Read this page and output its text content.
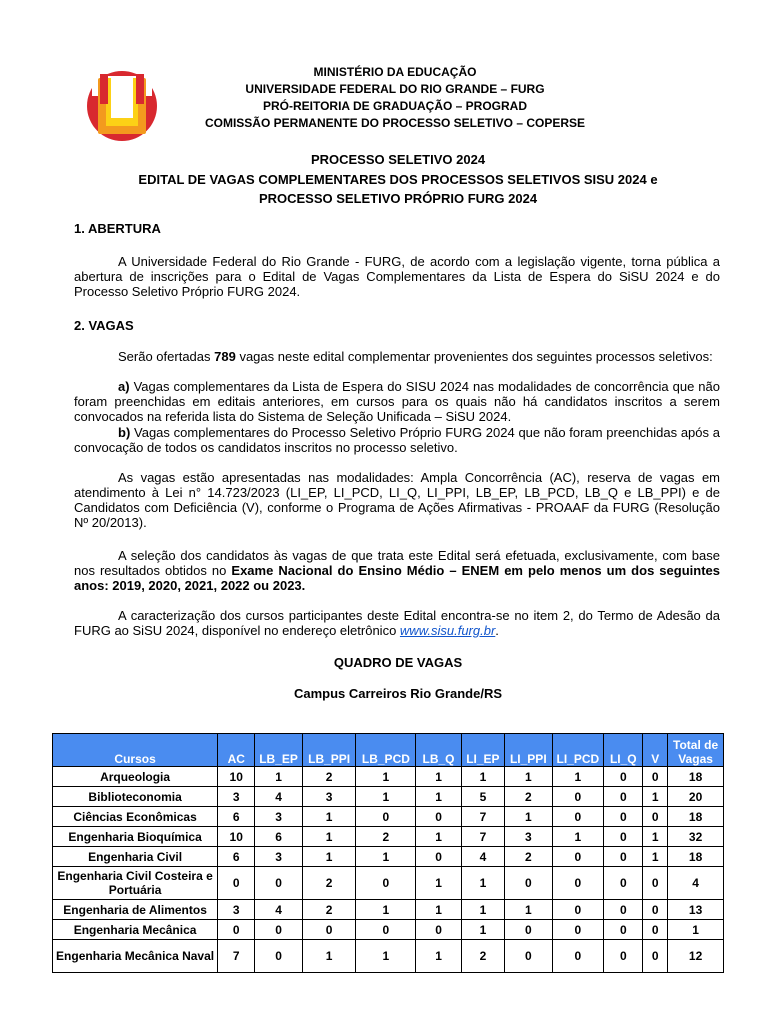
MINISTÉRIO DA EDUCAÇÃO
UNIVERSIDADE FEDERAL DO RIO GRANDE – FURG
PRÓ-REITORIA DE GRADUAÇÃO – PROGRAD
COMISSÃO PERMANENTE DO PROCESSO SELETIVO – COPERSE
PROCESSO SELETIVO 2024
EDITAL DE VAGAS COMPLEMENTARES DOS PROCESSOS SELETIVOS SISU 2024 e
PROCESSO SELETIVO PRÓPRIO FURG 2024
1. ABERTURA

A Universidade Federal do Rio Grande - FURG, de acordo com a legislação vigente, torna pública a abertura de inscrições para o Edital de Vagas Complementares da Lista de Espera do SiSU 2024 e do Processo Seletivo Próprio FURG 2024.

2. VAGAS

Serão ofertadas 789 vagas neste edital complementar provenientes dos seguintes processos seletivos:

a) Vagas complementares da Lista de Espera do SISU 2024 nas modalidades de concorrência que não foram preenchidas em editais anteriores, em cursos para os quais não há candidatos inscritos a serem convocados na referida lista do Sistema de Seleção Unificada – SiSU 2024.

b) Vagas complementares do Processo Seletivo Próprio FURG 2024 que não foram preenchidas após a convocação de todos os candidatos inscritos no processo seletivo.

As vagas estão apresentadas nas modalidades: Ampla Concorrência (AC), reserva de vagas em atendimento à Lei n° 14.723/2023 (LI_EP, LI_PCD, LI_Q, LI_PPI, LB_EP, LB_PCD, LB_Q e LB_PPI) e de Candidatos com Deficiência (V), conforme o Programa de Ações Afirmativas - PROAAF da FURG (Resolução Nº 20/2013).

A seleção dos candidatos às vagas de que trata este Edital será efetuada, exclusivamente, com base nos resultados obtidos no Exame Nacional do Ensino Médio – ENEM em pelo menos um dos seguintes anos: 2019, 2020, 2021, 2022 ou 2023.

A caracterização dos cursos participantes deste Edital encontra-se no item 2, do Termo de Adesão da FURG ao SiSU 2024, disponível no endereço eletrônico www.sisu.furg.br.

QUADRO DE VAGAS
Campus Carreiros Rio Grande/RS
Cursos	AC	LB_EP	LB_PPI	LB_PCD	LB_Q	LI_EP	LI_PPI	LI_PCD	LI_Q	V	Total de Vagas
Arqueologia	10	1	2	1	1	1	1	1	0	0	18
Biblioteconomia	3	4	3	1	1	5	2	0	0	1	20
Ciências Econômicas	6	3	1	0	0	7	1	0	0	0	18
Engenharia Bioquímica	10	6	1	2	1	7	3	1	0	1	32
Engenharia Civil	6	3	1	1	0	4	2	0	0	1	18
Engenharia Civil Costeira e Portuária	0	0	2	0	1	1	0	0	0	0	4
Engenharia de Alimentos	3	4	2	1	1	1	1	0	0	0	13
Engenharia Mecânica	0	0	0	0	0	1	0	0	0	0	1
Engenharia Mecânica Naval	7	0	1	1	1	2	0	0	0	0	12
